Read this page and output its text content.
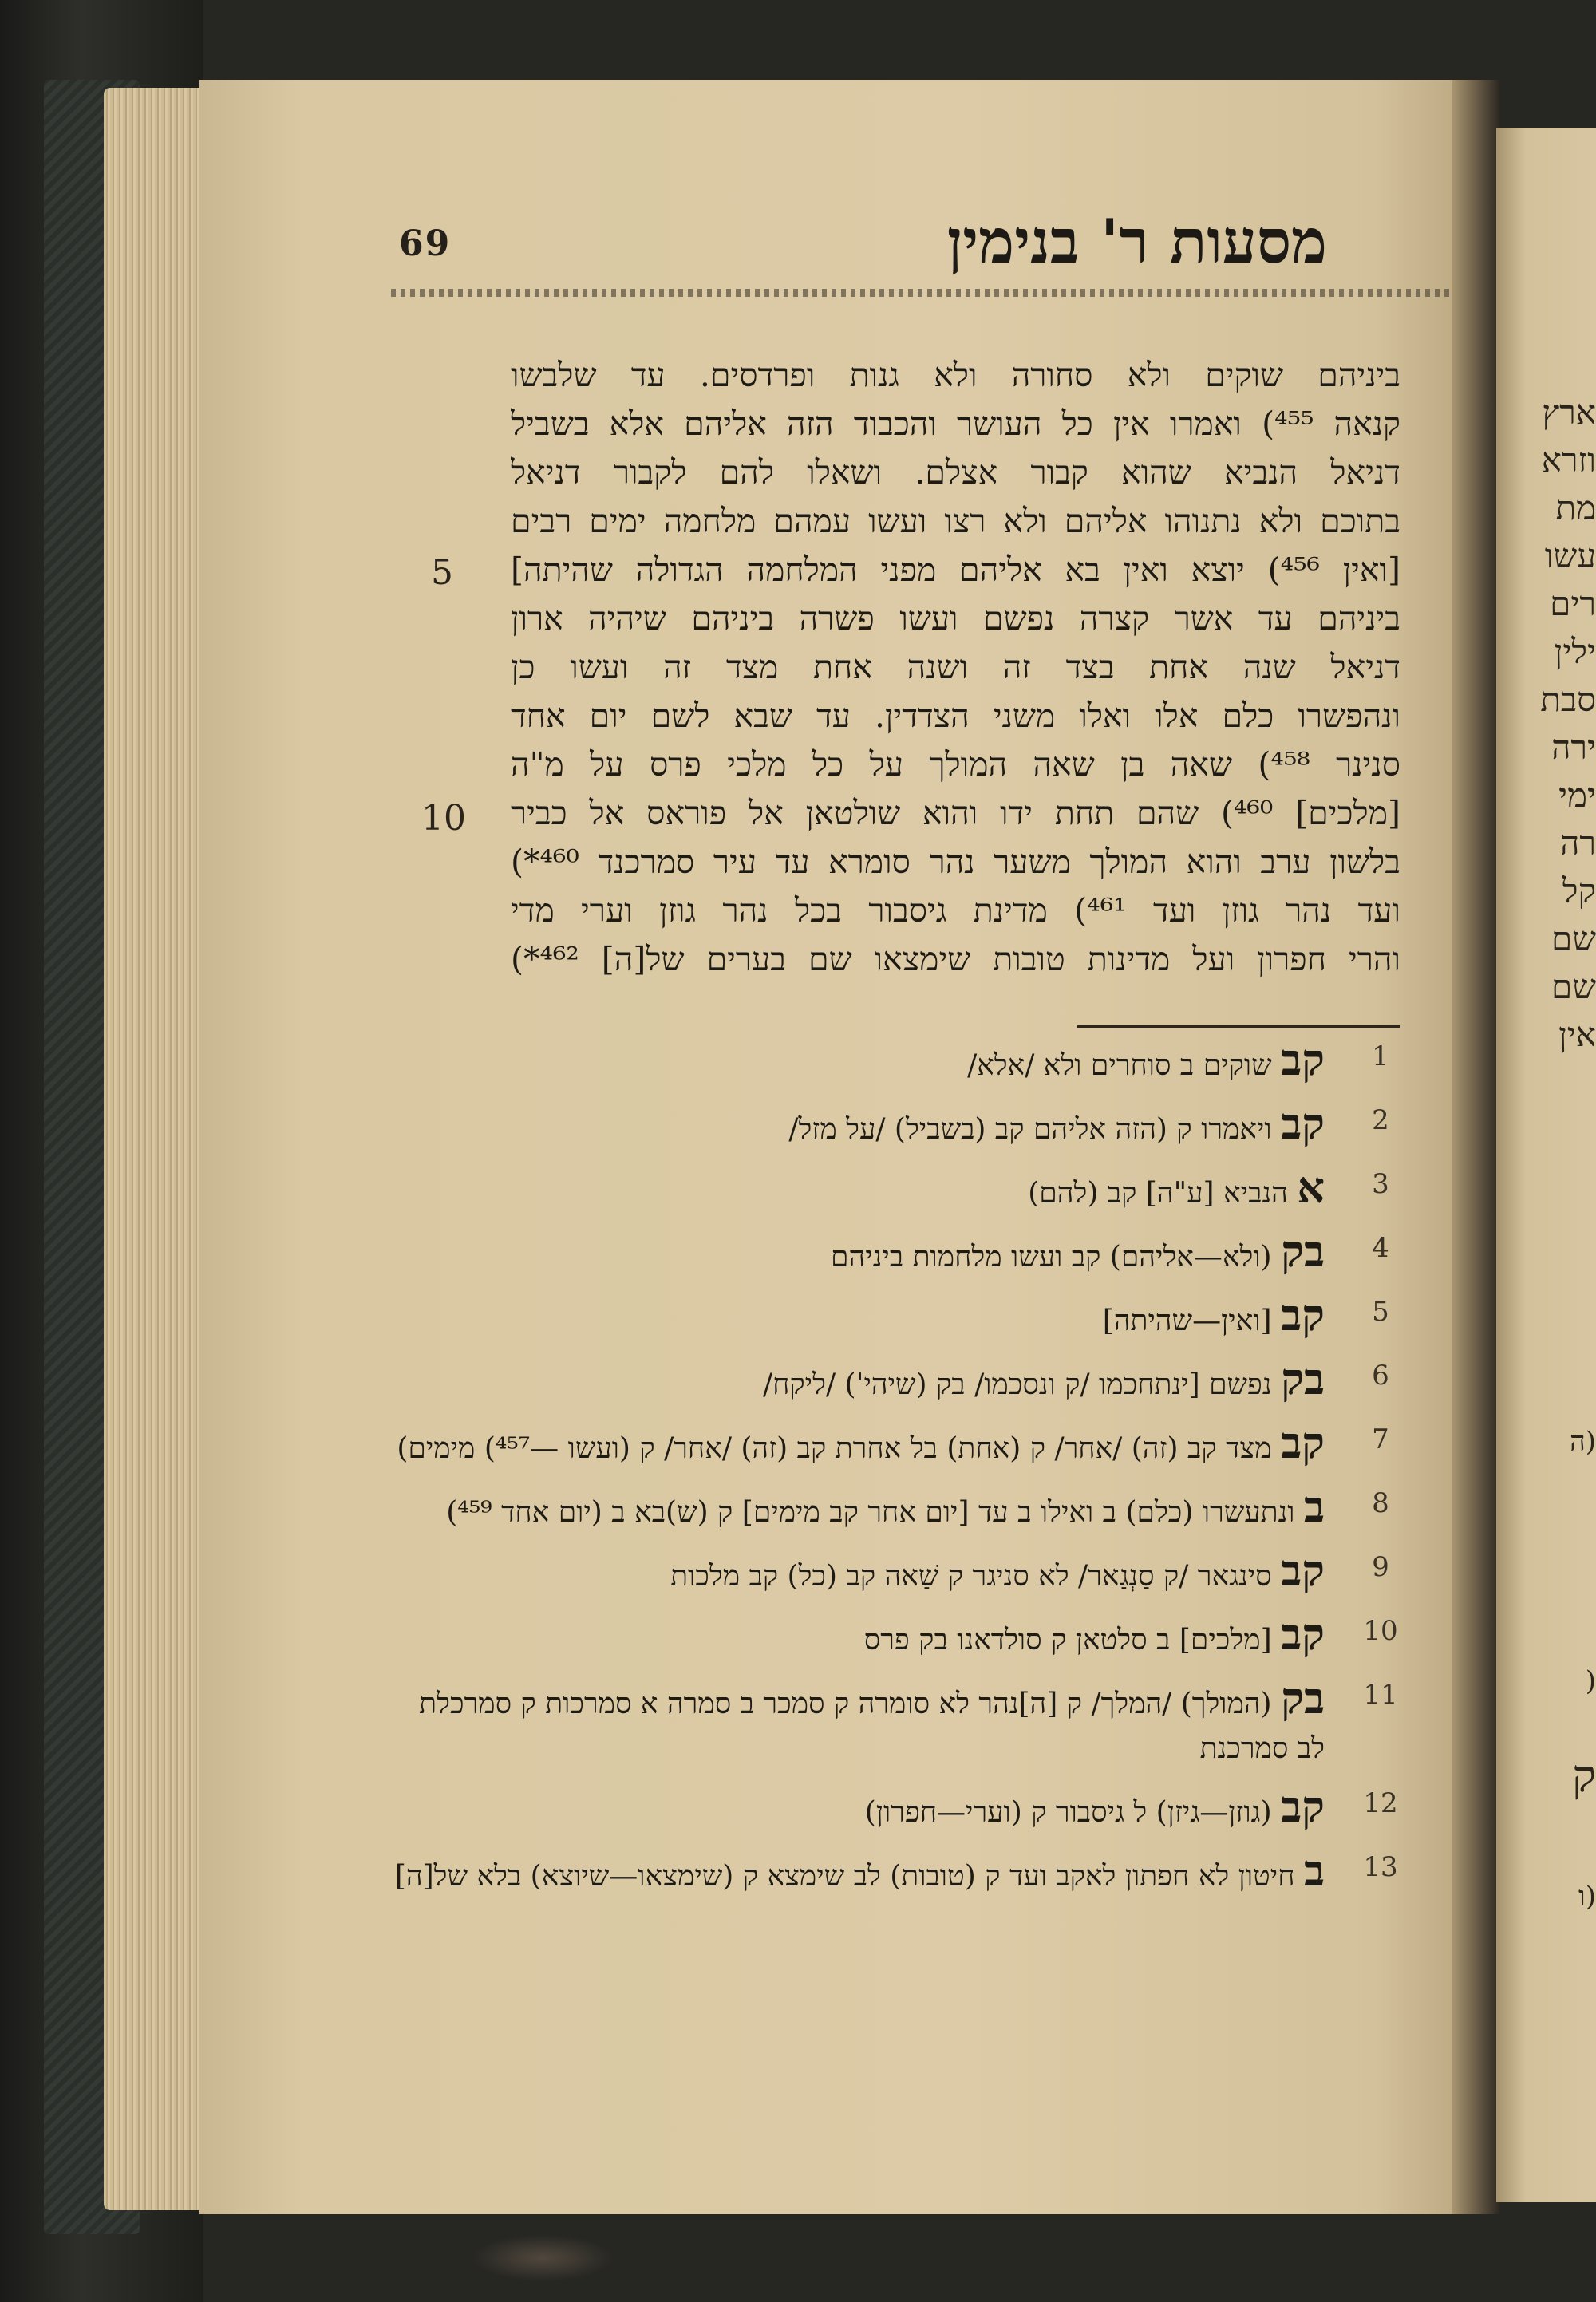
69	מסעות ר' בנימין
ביניהם שוקים ולא סחורה ולא גנות ופרדסים. עד שלבשו
קנאה ⁴⁵⁵) ואמרו אין כל העושר והכבוד הזה אליהם אלא בשביל
דניאל הנביא שהוא קבור אצלם. ושאלו להם לקבור דניאל
בתוכם ולא נתנוהו אליהם ולא רצו ועשו עמהם מלחמה ימים רבים
[ואין ⁴⁵⁶) יוצא ואין בא אליהם מפני המלחמה הגדולה שהיתה]
ביניהם עד אשר קצרה נפשם ועשו פשרה ביניהם שיהיה ארון
דניאל שנה אחת בצד זה ושנה אחת מצד זה ועשו כן
ונהפשרו כלם אלו ואלו משני הצדדין. עד שבא לשם יום אחד
סנינר ⁴⁵⁸) שאה בן שאה המולך על כל מלכי פרס על מ"ה
[מלכים] ⁴⁶⁰) שהם תחת ידו והוא שולטאן אל פוראס אל כביר
בלשון ערב והוא המולך משער נהר סומרא עד עיר סמרכנד ⁴⁶⁰*)
ועד נהר גוזן ועד ⁴⁶¹) מדינת גיסבור בכל נהר גוזן וערי מדי
והרי חפרון ועל מדינות טובות שימצאו שם בערים של[ה] ⁴⁶²*)
5
10
1
קב שוקים ב סוחרים ולא /אלא/
2
קב ויאמרו ק (הזה אליהם קב (בשביל) /על מזל/
3
א הנביא [ע"ה] קב (להם)
4
בק (ולא—אליהם) קב ועשו מלחמות ביניהם
5
קב [ואין—שהיתה]
6
בק נפשם [ינתחכמו /ק ונסכמו/ בק (שיהי') /ליקח/
7
קב מצד קב (זה) /אחר/ ק (אחת) בל אחרת קב (זה) /אחר/ ק (ועשו —⁴⁵⁷) מימים)
8
ב ונתעשרו (כלם) ב ואילו ב עד [יום אחר קב מימים] ק (ש)בא ב (יום אחד ⁴⁵⁹)
9
קב סינגאר /ק סַנְגַאר/ לא סניגר ק שַׁאה קב (כל) קב מלכות
10
קב [מלכים] ב סלטאן ק סולדאנו בק פרס
11
בק (המולך) /המלך/ ק [ה]נהר לא סומרה ק סמכר ב סמרה א סמרכות ק סמרכלת לב סמרכנת
12
קב (גוזן—גיזן) ל גיסבור ק (וערי—חפרון)
13
ב חיטון לא חפתון לאקב ועד ק (טובות) לב שימצא ק (שימצאו—שיוצא) בלא של[ה]
ארץ
וזרא
מת
עשו
רים
ילין
סבת
ירה
ימי
רה
קל
שם
שם
אין
(ה
(
ק
(ו
